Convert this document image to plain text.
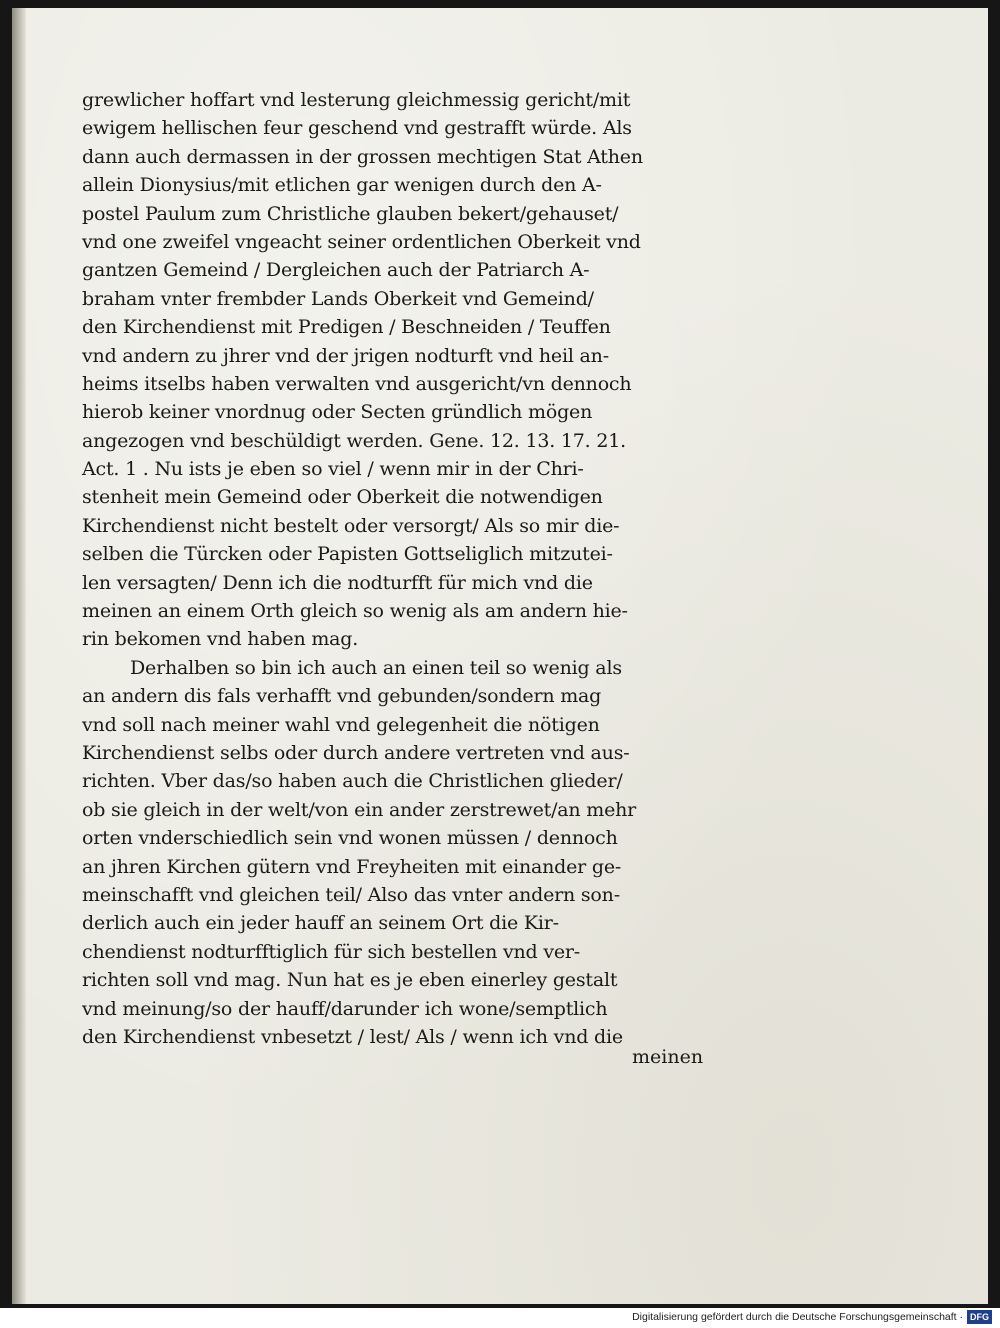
grewlicher hoffart vnd lesterung gleichmessig gericht/mit
ewigem hellischen feur geschend vnd gestrafft würde. Als
dann auch dermassen in der grossen mechtigen Stat Athen
allein Dionysius/mit etlichen gar wenigen durch den A-
postel Paulum zum Christliche glauben bekert/gehauset/
vnd one zweifel vngeacht seiner ordentlichen Oberkeit vnd
gantzen Gemeind / Dergleichen auch der Patriarch A-
braham vnter frembder Lands Oberkeit vnd Gemeind/
den Kirchendienst mit Predigen / Beschneiden / Teuffen
vnd andern zu jhrer vnd der jrigen nodturft vnd heil an-
heims itselbs haben verwalten vnd ausgericht/vn dennoch
hierob keiner vnordnug oder Secten gründlich mögen
angezogen vnd beschüldigt werden. Gene. 12. 13. 17. 21.
Act. 1 . Nu ists je eben so viel / wenn mir in der Chri-
stenheit mein Gemeind oder Oberkeit die notwendigen
Kirchendienst nicht bestelt oder versorgt/ Als so mir die-
selben die Türcken oder Papisten Gottseliglich mitzutei-
len versagten/ Denn ich die nodturfft für mich vnd die
meinen an einem Orth gleich so wenig als am andern hie-
rin bekomen vnd haben mag.
Derhalben so bin ich auch an einen teil so wenig als
an andern dis fals verhafft vnd gebunden/sondern mag
vnd soll nach meiner wahl vnd gelegenheit die nötigen
Kirchendienst selbs oder durch andere vertreten vnd aus-
richten. Vber das/so haben auch die Christlichen glieder/
ob sie gleich in der welt/von ein ander zerstrewet/an mehr
orten vnderschiedlich sein vnd wonen müssen / dennoch
an jhren Kirchen gütern vnd Freyheiten mit einander ge-
meinschafft vnd gleichen teil/ Also das vnter andern son-
derlich auch ein jeder hauff an seinem Ort die Kir-
chendienst nodturfftiglich für sich bestellen vnd ver-
richten soll vnd mag. Nun hat es je eben einerley gestalt
vnd meinung/so der hauff/darunder ich wone/semptlich
den Kirchendienst vnbesetzt / lest/ Als / wenn ich vnd die
meinen
Digitalisierung gefördert durch die Deutsche Forschungsgemeinschaft · DFG
